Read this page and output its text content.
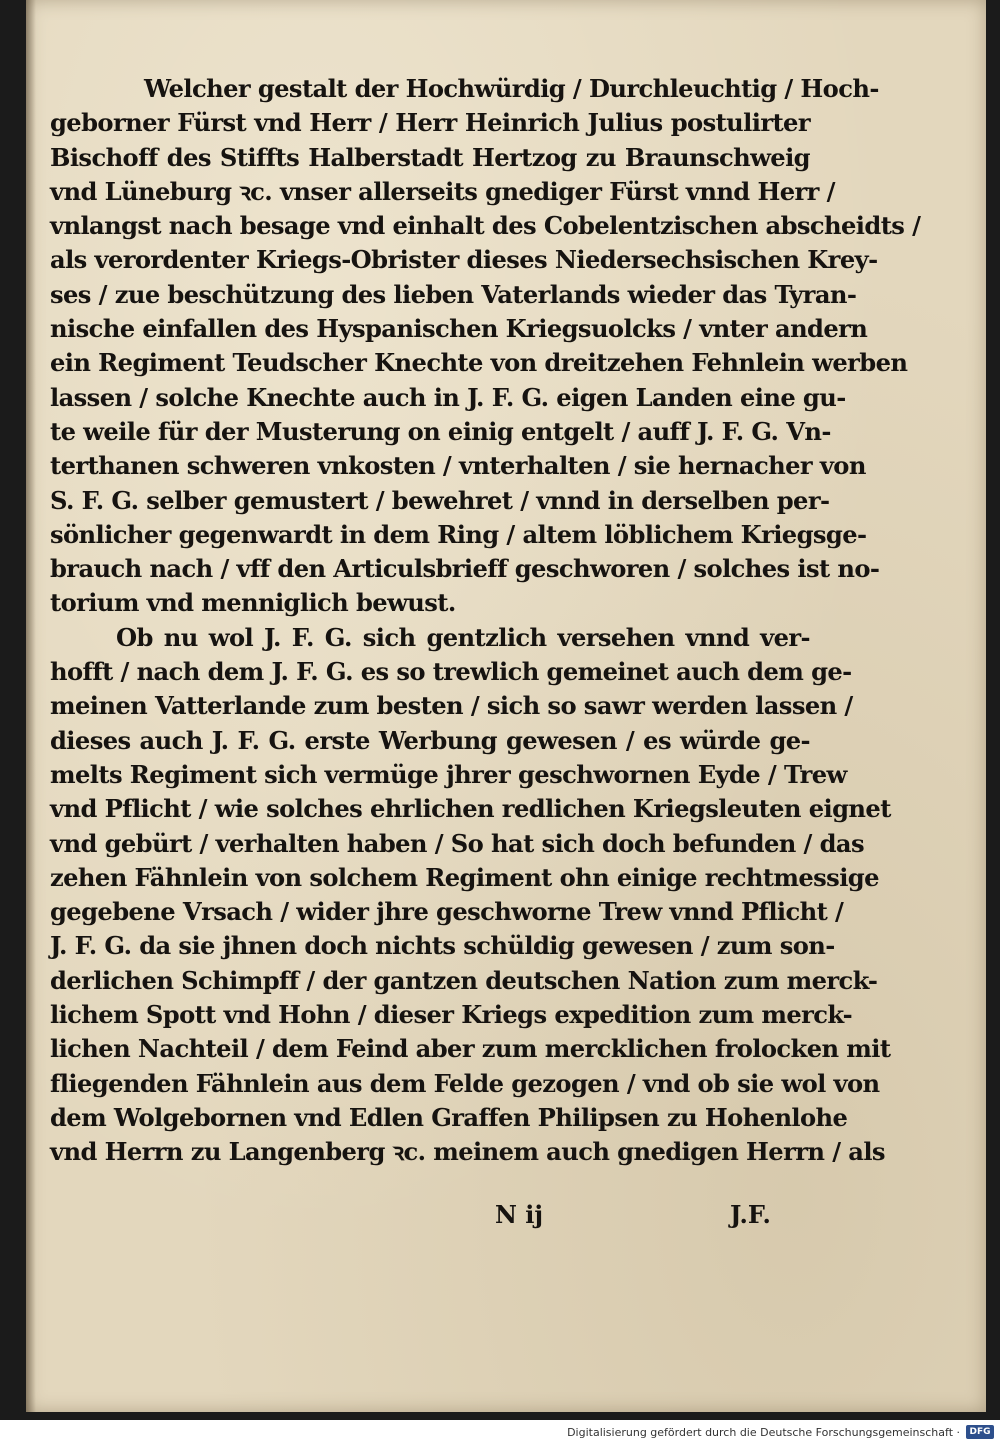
Welcher gestalt der Hochwürdig / Durchleuchtig / Hoch-
geborner Fürst vnd Herr / Herr Heinrich Julius postulirter
Bischoff des Stiffts Halberstadt Hertzog zu Braunschweig
vnd Lüneburg ꝛc. vnser allerseits gnediger Fürst vnnd Herr /
vnlangst nach besage vnd einhalt des Cobelentzischen abscheidts /
als verordenter Kriegs-Obrister dieses Niedersechsischen Krey-
ses / zue beschützung des lieben Vaterlands wieder das Tyran-
nische einfallen des Hyspanischen Kriegsuolcks / vnter andern
ein Regiment Teudscher Knechte von dreitzehen Fehnlein werben
lassen / solche Knechte auch in J. F. G. eigen Landen eine gu-
te weile für der Musterung on einig entgelt / auff J. F. G. Vn-
terthanen schweren vnkosten / vnterhalten / sie hernacher von
S. F. G. selber gemustert / bewehret / vnnd in derselben per-
sönlicher gegenwardt in dem Ring / altem löblichem Kriegsge-
brauch nach / vff den Articulsbrieff geschworen / solches ist no-
torium vnd menniglich bewust.
Ob nu wol J. F. G. sich gentzlich versehen vnnd ver-
hofft / nach dem J. F. G. es so trewlich gemeinet auch dem ge-
meinen Vatterlande zum besten / sich so sawr werden lassen /
dieses auch J. F. G. erste Werbung gewesen / es würde ge-
melts Regiment sich vermüge jhrer geschwornen Eyde / Trew
vnd Pflicht / wie solches ehrlichen redlichen Kriegsleuten eignet
vnd gebürt / verhalten haben / So hat sich doch befunden / das
zehen Fähnlein von solchem Regiment ohn einige rechtmessige
gegebene Vrsach / wider jhre geschworne Trew vnnd Pflicht /
J. F. G. da sie jhnen doch nichts schüldig gewesen / zum son-
derlichen Schimpff / der gantzen deutschen Nation zum merck-
lichem Spott vnd Hohn / dieser Kriegs expedition zum merck-
lichen Nachteil / dem Feind aber zum mercklichen frolocken mit
fliegenden Fähnlein aus dem Felde gezogen / vnd ob sie wol von
dem Wolgebornen vnd Edlen Graffen Philipsen zu Hohenlohe
vnd Herrn zu Langenberg ꝛc. meinem auch gnedigen Herrn / als
N ij	J.F.
Digitalisierung gefördert durch die Deutsche Forschungsgemeinschaft ·	DFG
